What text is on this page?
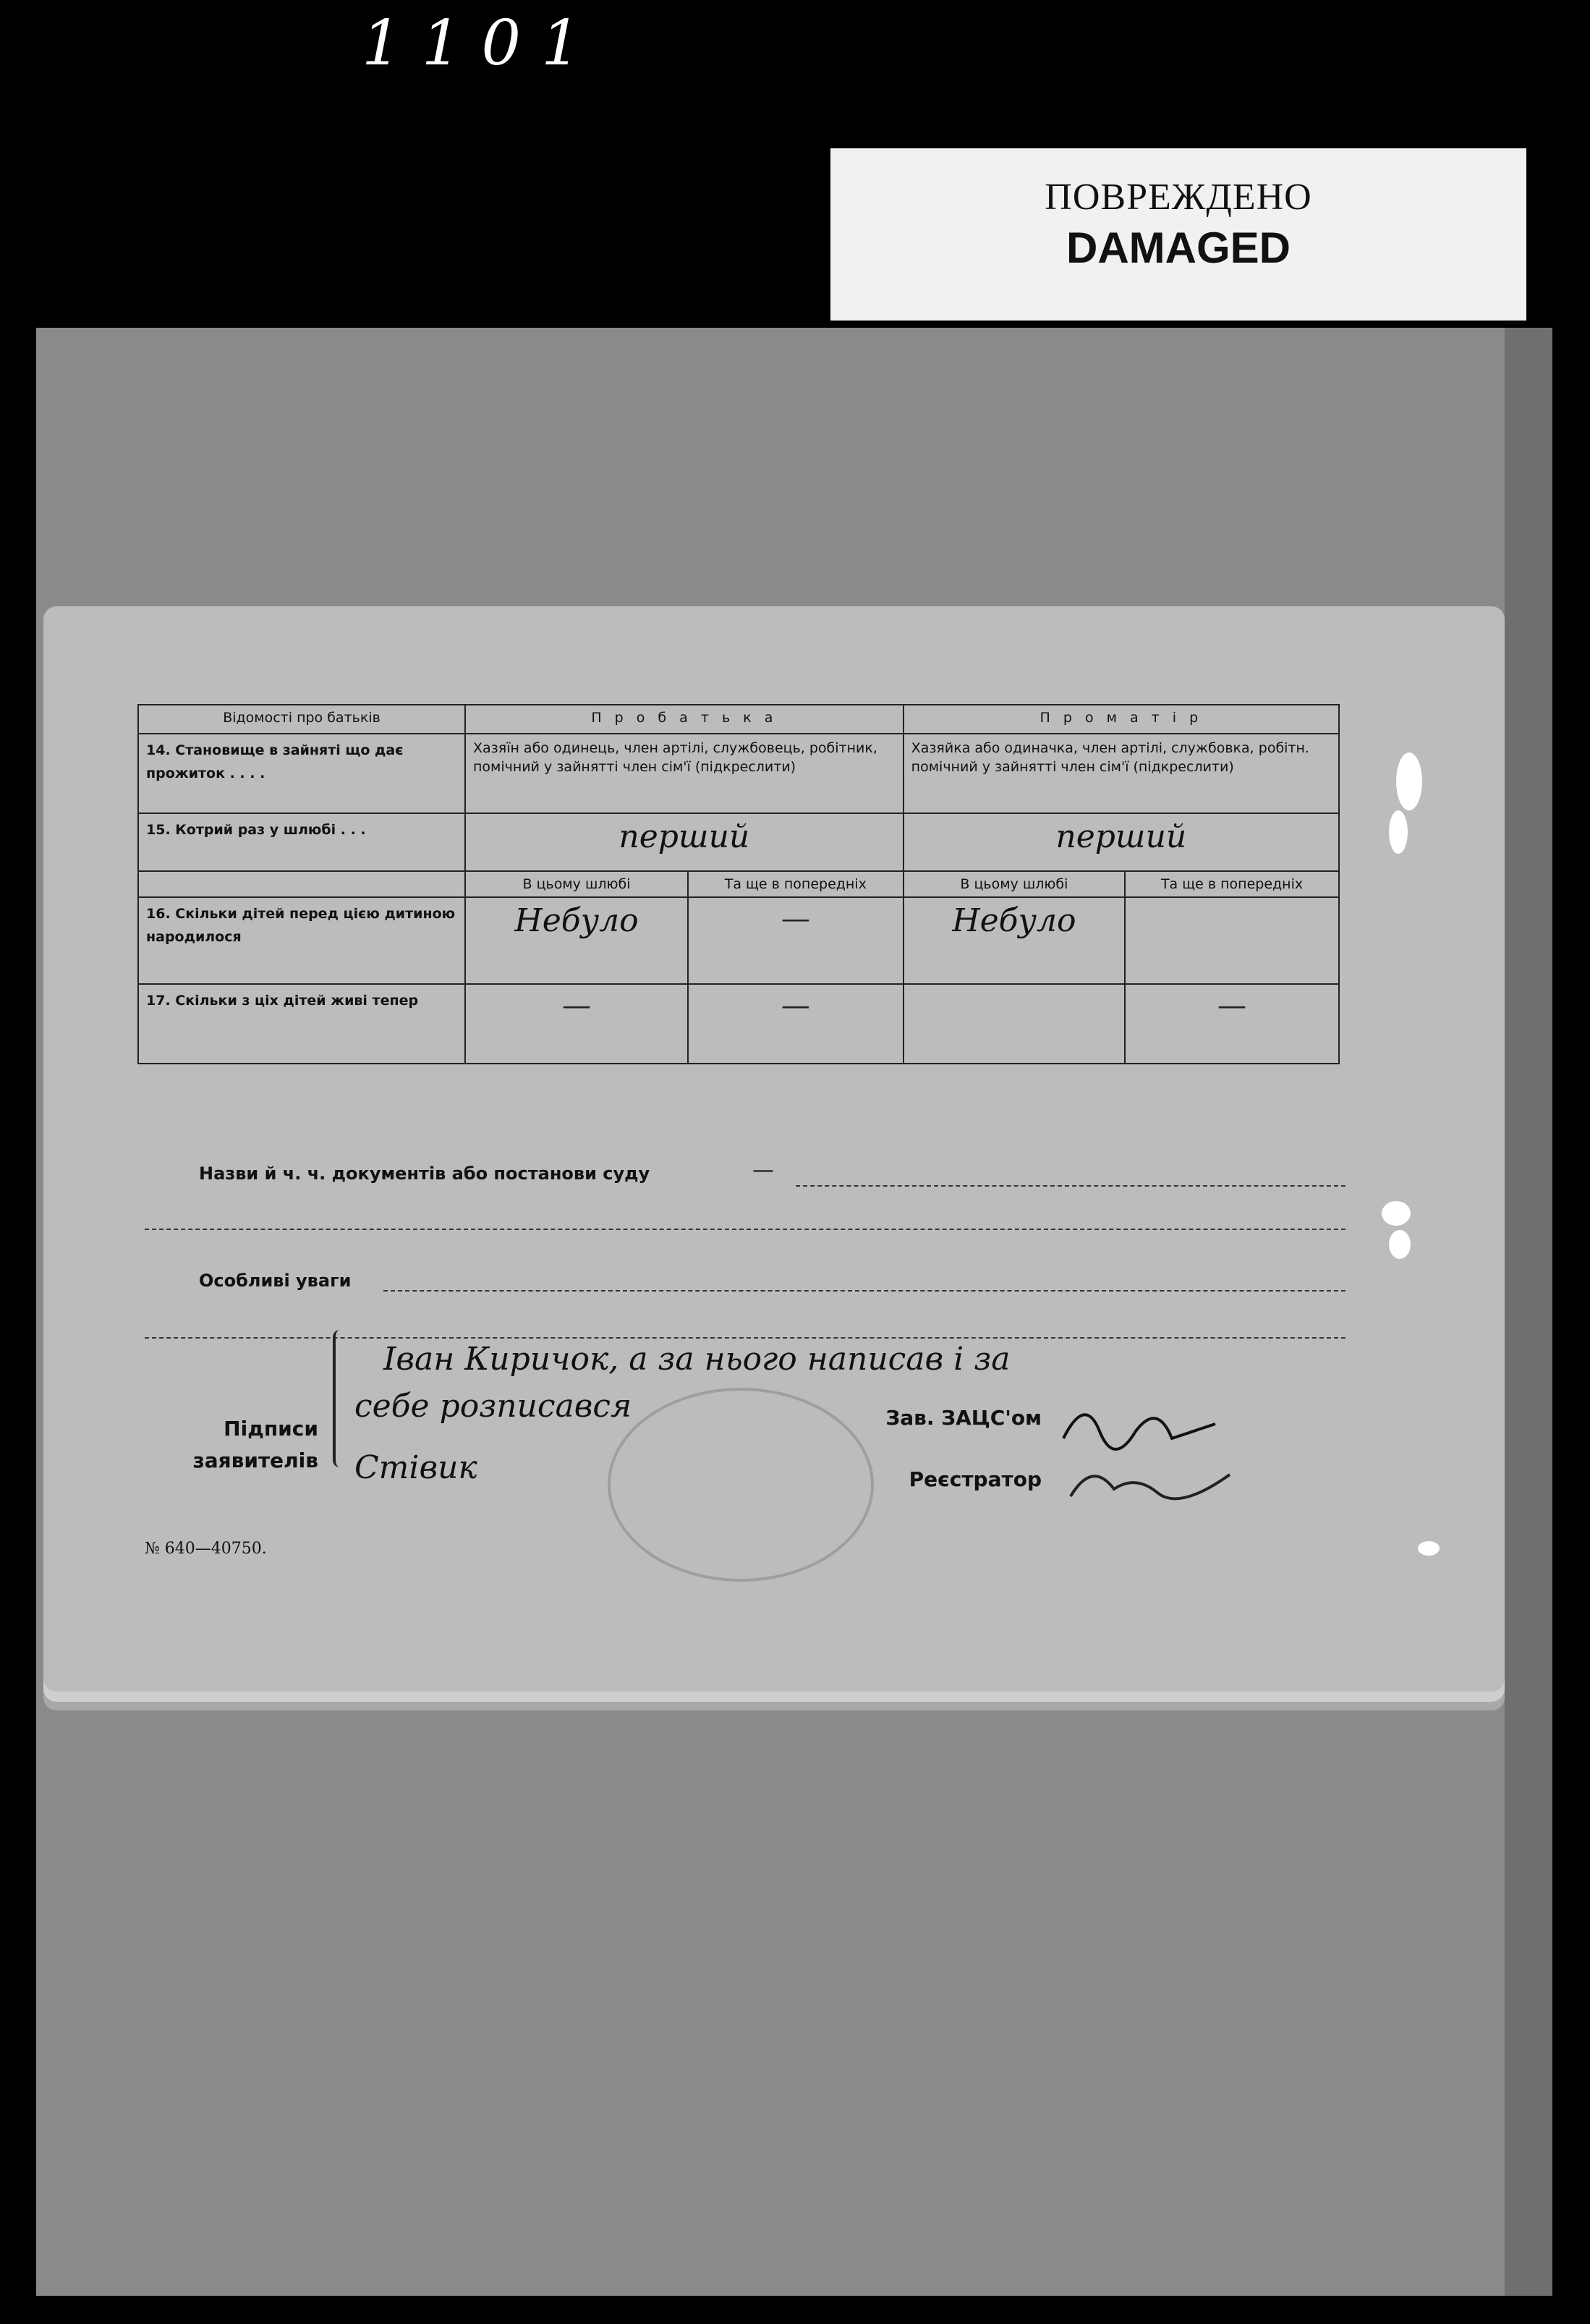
1101
ПОВРЕЖДЕНО
DAMAGED
Відомості про батьків	П р о б а т ь к а		П р о м а т і р	
14. Становище в зайняті що дає прожиток . . . .	Хазяїн або одинець, член артілі, службовець, робітник, помічний у зайнятті член сім'ї (підкреслити)		Хазяйка або одиначка, член артілі, службовка, робітн. помічний у зайнятті член сім'ї (підкреслити)	
15. Котрий раз у шлюбі . . .	перший		перший	
	В цьому шлюбі	Та ще в попередніх	В цьому шлюбі	Та ще в попередніх
16. Скільки дітей перед цією дитиною народилося	Небуло	—	Небуло	
17. Скільки з ціх дітей живі тепер	—	—		—
Назви й ч. ч. документів або постанови суду	—
Особливі уваги
Підписи заявителів
Іван Киричок, а за нього написав і за
себе розписався
Стівик
Зав. ЗАЦС'ом
Реєстратор
№ 640—40750.
